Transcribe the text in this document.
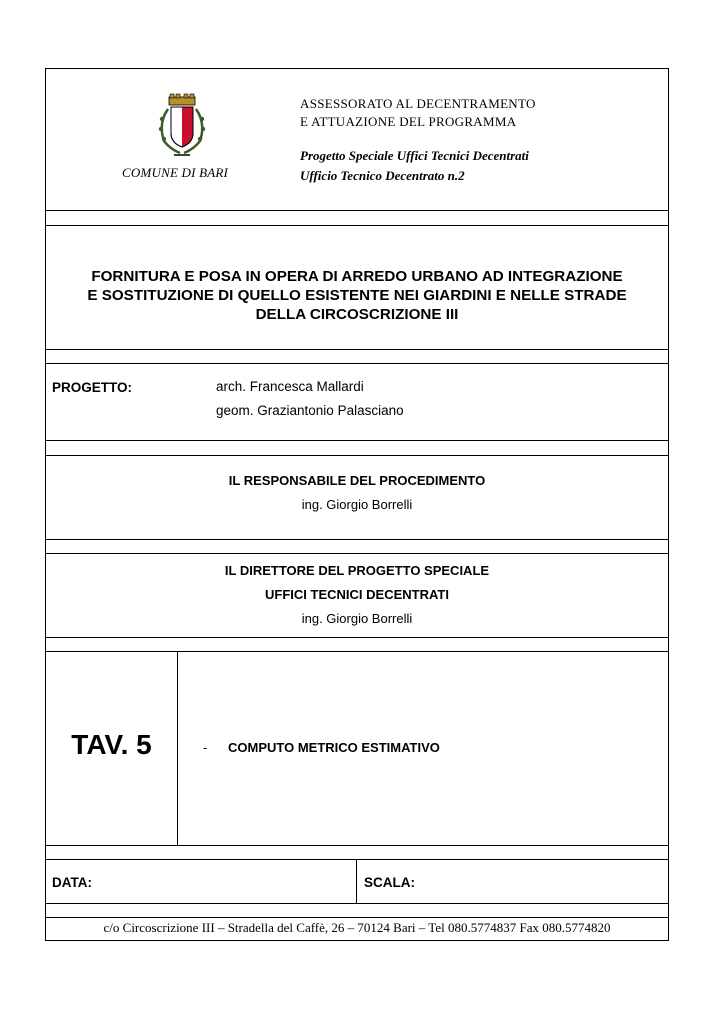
COMUNE DI BARI
ASSESSORATO AL DECENTRAMENTO
E ATTUAZIONE DEL PROGRAMMA
Progetto Speciale Uffici Tecnici Decentrati
Ufficio Tecnico Decentrato n.2
FORNITURA E POSA IN OPERA DI ARREDO URBANO AD INTEGRAZIONE
E SOSTITUZIONE DI QUELLO ESISTENTE NEI GIARDINI E NELLE STRADE
DELLA CIRCOSCRIZIONE III
PROGETTO:	arch. Francesca Mallardi
geom. Graziantonio Palasciano
IL RESPONSABILE DEL PROCEDIMENTO
ing. Giorgio Borrelli
IL DIRETTORE DEL PROGETTO SPECIALE
UFFICI TECNICI DECENTRATI
ing. Giorgio Borrelli
TAV. 5	- COMPUTO METRICO ESTIMATIVO
DATA:	SCALA:
c/o Circoscrizione III – Stradella del Caffè, 26 – 70124 Bari – Tel 080.5774837 Fax 080.5774820
